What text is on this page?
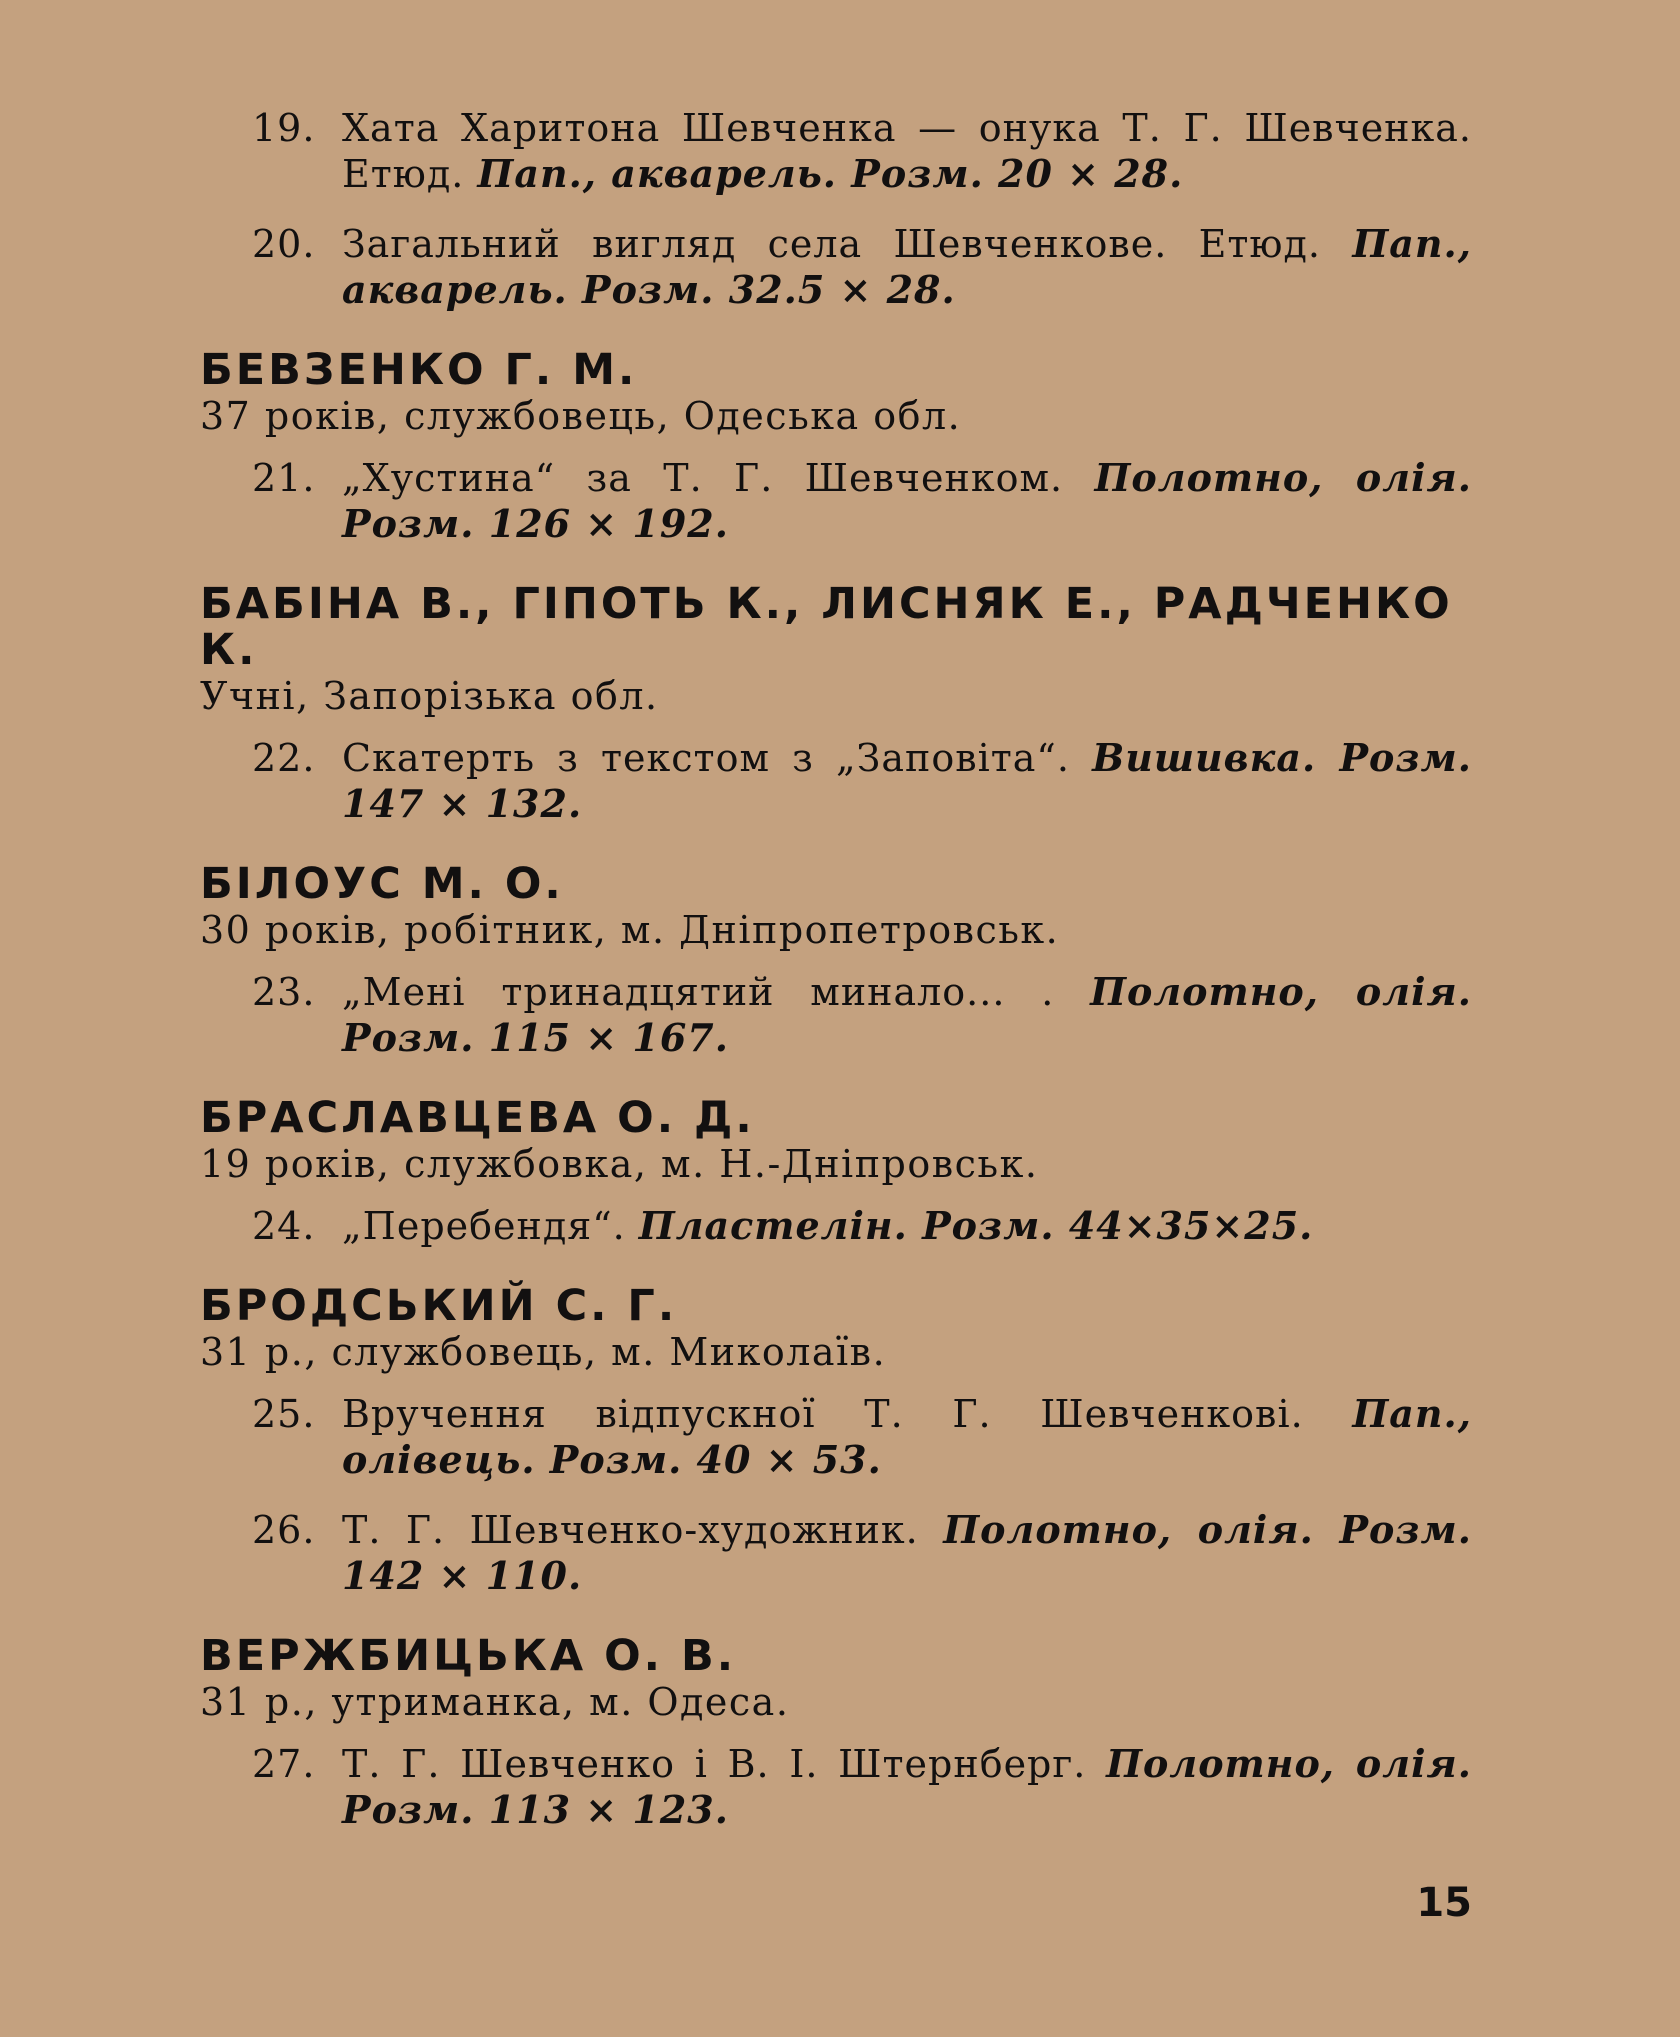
19. Хата Харитона Шевченка — онука Т. Г. Шевченка. Етюд. Пап., акварель. Розм. 20 × 28.
20. Загальний вигляд села Шевченкове. Етюд. Пап., акварель. Розм. 32.5 × 28.
БЕВЗЕНКО Г. М.
37 років, службовець, Одеська обл.
21. „Хустина“ за Т. Г. Шевченком. Полотно, олія. Розм. 126 × 192.
БАБІНА В., ГІПОТЬ К., ЛИСНЯК Е., РАДЧЕНКО К.
Учні, Запорізька обл.
22. Скатерть з текстом з „Заповіта“. Вишивка. Розм. 147 × 132.
БІЛОУС М. О.
30 років, робітник, м. Дніпропетровськ.
23. „Мені тринадцятий минало... . Полотно, олія. Розм. 115 × 167.
БРАСЛАВЦЕВА О. Д.
19 років, службовка, м. Н.-Дніпровськ.
24. „Перебендя“. Пластелін. Розм. 44×35×25.
БРОДСЬКИЙ С. Г.
31 р., службовець, м. Миколаїв.
25. Вручення відпускної Т. Г. Шевченкові. Пап., олівець. Розм. 40 × 53.
26. Т. Г. Шевченко-художник. Полотно, олія. Розм. 142 × 110.
ВЕРЖБИЦЬКА О. В.
31 р., утриманка, м. Одеса.
27. Т. Г. Шевченко і В. І. Штернберг. Полотно, олія. Розм. 113 × 123.
15
